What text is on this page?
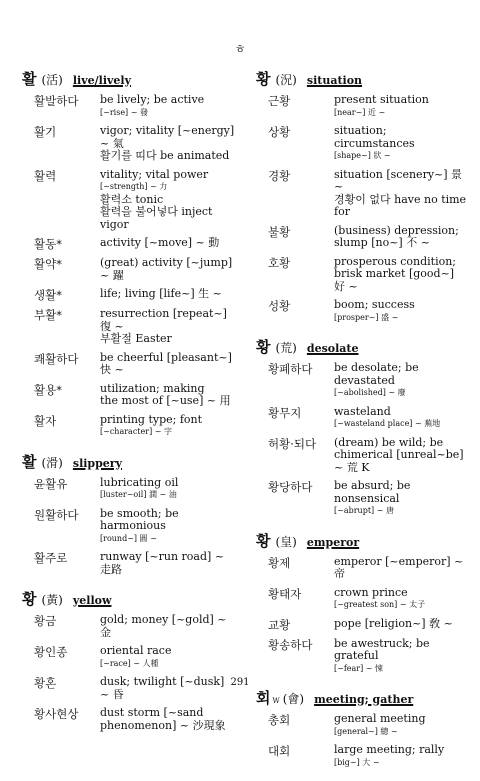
ㅎ
활 (活) live/lively
활발하다	be lively; be active
[~rise] ~ 發
활기	vigor; vitality [~energy] ~ 氣
활기를 띠다 be animated
활력	vitality; vital power
[~strength] ~ 力
활력소 tonic
활력을 불어넣다 inject vigor
활동*	activity [~move] ~ 動
활약*	(great) activity [~jump] ~ 躍
생활*	life; living [life~] 生 ~
부활*	resurrection [repeat~] 復 ~
부활절 Easter
쾌활하다	be cheerful [pleasant~] 快 ~
활용*	utilization; making
the most of [~use] ~ 用
활자	printing type; font
[~character] ~ 字
활 (滑) slippery
윤활유	lubricating oil
[luster~oil] 潤 ~ 油
원활하다	be smooth; be harmonious
[round~] 圓 ~
활주로	runway [~run road] ~ 走路
황 (黃) yellow
황금	gold; money [~gold] ~ 金
황인종	oriental race
[~race] ~ 人種
황혼	dusk; twilight [~dusk] ~ 昏
황사현상	dust storm [~sand
phenomenon] ~ 沙現象
황 (況) situation
근황	present situation
[near~] 近 ~
상황	situation; circumstances
[shape~] 狀 ~
경황	situation [scenery~] 景 ~
경황이 없다 have no time for
불황	(business) depression;
slump [no~] 不 ~
호황	prosperous condition;
brisk market [good~] 好 ~
성황	boom; success
[prosper~] 盛 ~
황 (荒) desolate
황폐하다	be desolate; be devastated
[~abolished] ~ 廢
황무지	wasteland
[~wasteland place] ~ 蕪地
허황·되다	(dream) be wild; be
chimerical [unreal~be] ~ 荒 K
황당하다	be absurd; be nonsensical
[~abrupt] ~ 唐
황 (皇) emperor
황제	emperor [~emperor] ~ 帝
황태자	crown prince
[~greatest son] ~ 太子
교황	pope [religion~] 敎 ~
황송하다	be awestruck; be grateful
[~fear] ~ 悚
회 W (會) meeting; gather
총회	general meeting
[general~] 總 ~
대회	large meeting; rally
[big~] 大 ~
291
